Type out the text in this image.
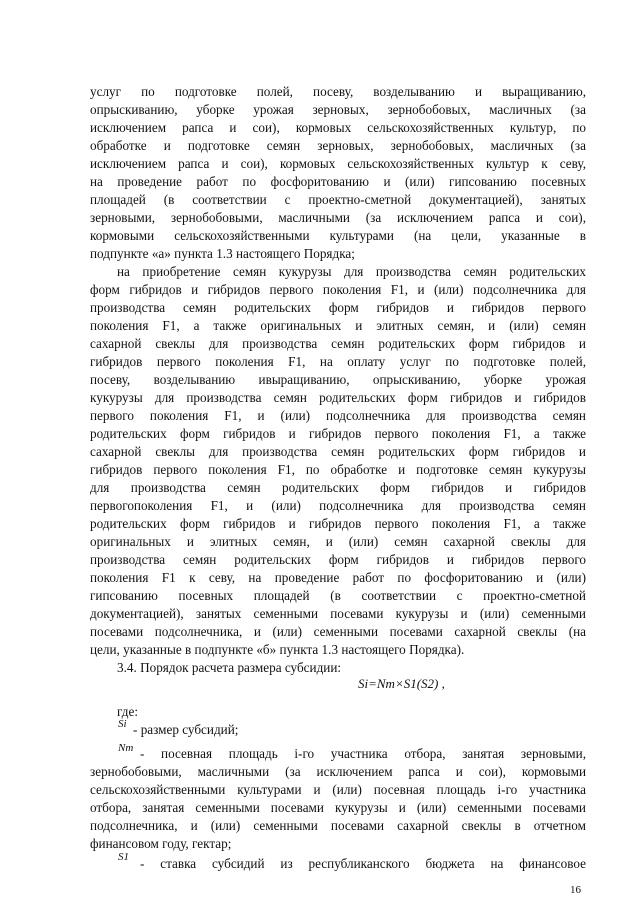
услуг по подготовке полей, посеву, возделыванию и выращиванию,
опрыскиванию, уборке урожая зерновых, зернобобовых, масличных (за
исключением рапса и сои), кормовых сельскохозяйственных культур, по
обработке и подготовке семян зерновых, зернобобовых, масличных (за
исключением рапса и сои), кормовых сельскохозяйственных культур к севу,
на проведение работ по фосфоритованию и (или) гипсованию посевных
площадей (в соответствии с проектно-сметной документацией), занятых
зерновыми, зернобобовыми, масличными (за исключением рапса и сои),
кормовыми сельскохозяйственными культурами (на цели, указанные в
подпункте «а» пункта 1.3 настоящего Порядка;
на приобретение семян кукурузы для производства семян родительских
форм гибридов и гибридов первого поколения F1, и (или) подсолнечника для
производства семян родительских форм гибридов и гибридов первого
поколения F1, а также оригинальных и элитных семян, и (или) семян
сахарной свеклы для производства семян родительских форм гибридов и
гибридов первого поколения F1, на оплату услуг по подготовке полей,
посеву, возделыванию ивыращиванию, опрыскиванию, уборке урожая
кукурузы для производства семян родительских форм гибридов и гибридов
первого поколения F1, и (или) подсолнечника для производства семян
родительских форм гибридов и гибридов первого поколения F1, а также
сахарной свеклы для производства семян родительских форм гибридов и
гибридов первого поколения F1, по обработке и подготовке семян кукурузы
для производства семян родительских форм гибридов и гибридов
первогопоколения F1, и (или) подсолнечника для производства семян
родительских форм гибридов и гибридов первого поколения F1, а также
оригинальных и элитных семян, и (или) семян сахарной свеклы для
производства семян родительских форм гибридов и гибридов первого
поколения F1 к севу, на проведение работ по фосфоритованию и (или)
гипсованию посевных площадей (в соответствии с проектно-сметной
документацией), занятых семенными посевами кукурузы и (или) семенными
посевами подсолнечника, и (или) семенными посевами сахарной свеклы (на
цели, указанные в подпункте «б» пункта 1.3 настоящего Порядка).
3.4. Порядок расчета размера субсидии:
Si=Nm×S1(S2) ,
где:
Si - размер субсидий;
Nm - посевная площадь i-го участника отбора, занятая зерновыми,
зернобобовыми, масличными (за исключением рапса и сои), кормовыми
сельскохозяйственными культурами и (или) посевная площадь i-го участника
отбора, занятая семенными посевами кукурузы и (или) семенными посевами
подсолнечника, и (или) семенными посевами сахарной свеклы в отчетном
финансовом году, гектар;
S1 - ставка субсидий из республиканского бюджета на финансовое
16
